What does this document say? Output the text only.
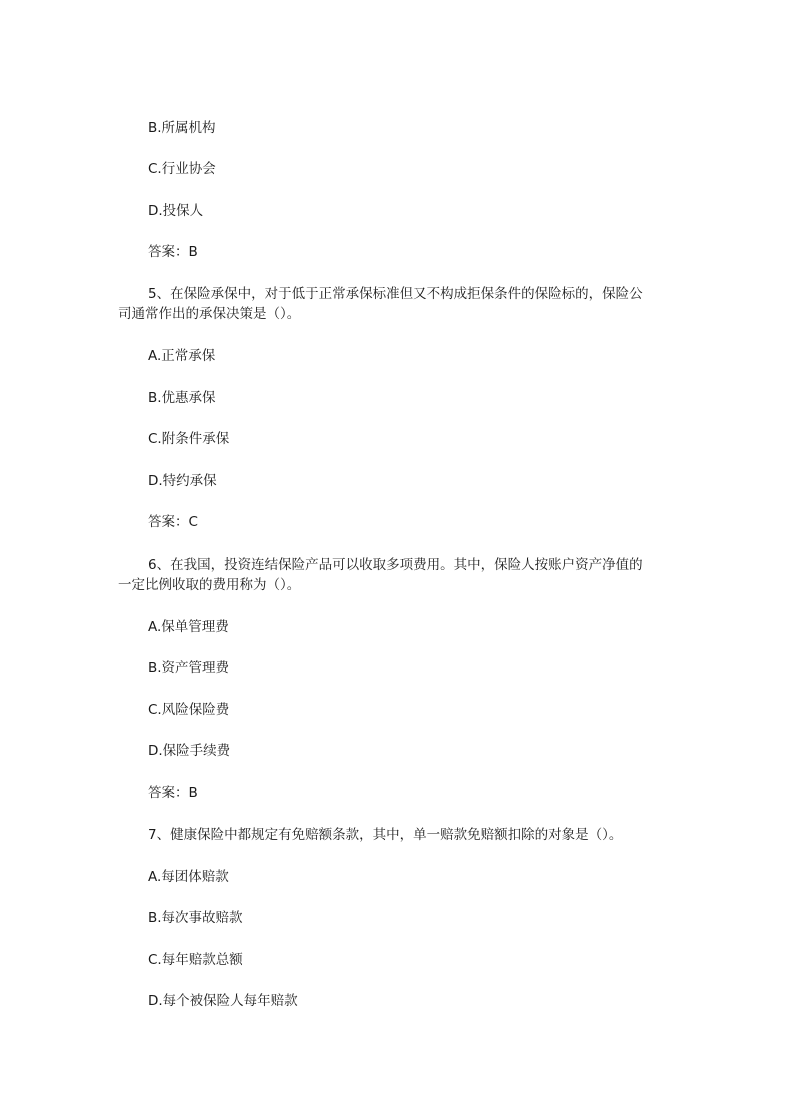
B.所属机构
C.行业协会
D.投保人
答案：B
5、在保险承保中，对于低于正常承保标准但又不构成拒保条件的保险标的，保险公
司通常作出的承保决策是（）。
A.正常承保
B.优惠承保
C.附条件承保
D.特约承保
答案：C
6、在我国，投资连结保险产品可以收取多项费用。其中，保险人按账户资产净值的
一定比例收取的费用称为（）。
A.保单管理费
B.资产管理费
C.风险保险费
D.保险手续费
答案：B
7、健康保险中都规定有免赔额条款，其中，单一赔款免赔额扣除的对象是（）。
A.每团体赔款
B.每次事故赔款
C.每年赔款总额
D.每个被保险人每年赔款
